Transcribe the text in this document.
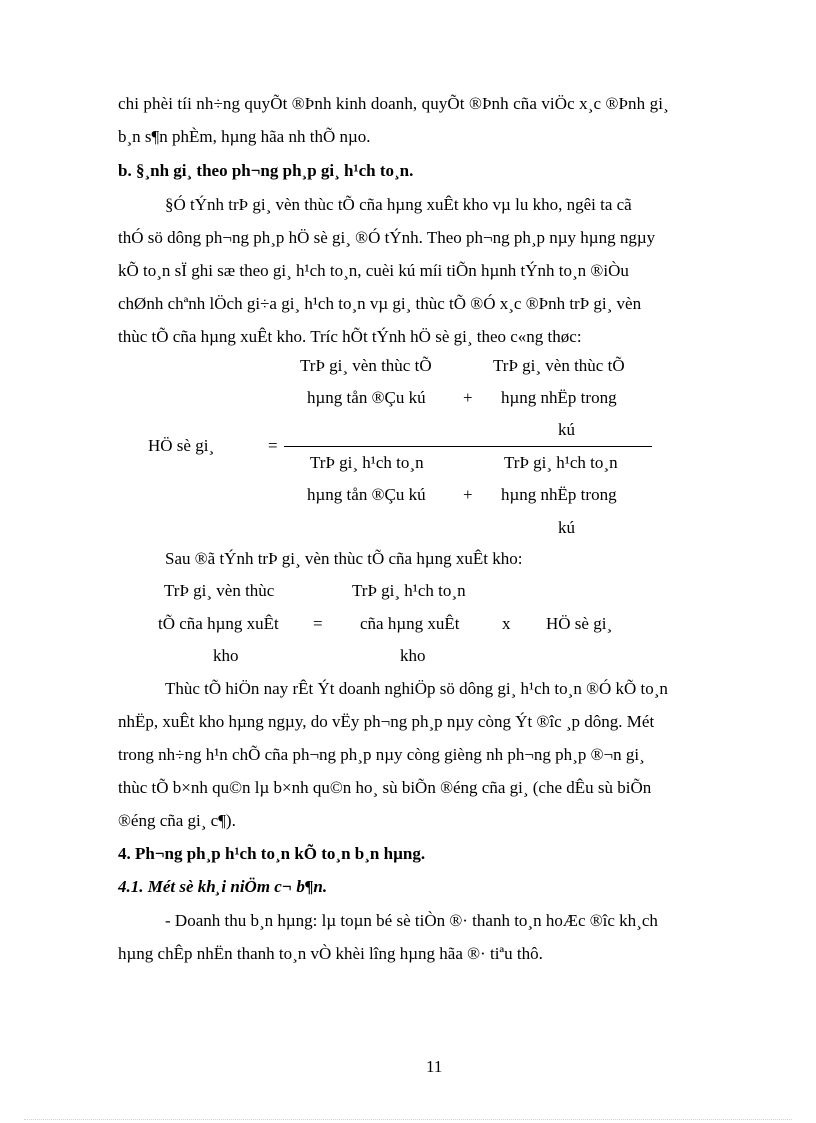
chi phèi tíi nh÷ng quyÕt ®Þnh kinh doanh, quyÕt ®Þnh cña viÖc x¸c ®Þnh gi¸
b¸n s¶n phÈm, hµng hãa nh thÕ nµo.
b. §¸nh gi¸ theo ph¬ng ph¸p gi¸ h¹ch to¸n.
§Ó tÝnh trÞ gi¸ vèn thùc tÕ cña hµng xuÊt kho vµ lu kho, ngêi ta cã
thÓ sö dông ph¬ng ph¸p hÖ sè gi¸ ®Ó tÝnh. Theo ph¬ng ph¸p nµy hµng ngµy
kÕ to¸n sÏ ghi sæ theo gi¸ h¹ch to¸n, cuèi kú míi tiÕn hµnh tÝnh to¸n ®iÒu
chØnh chªnh lÖch gi÷a gi¸ h¹ch to¸n vµ gi¸ thùc tÕ ®Ó x¸c ®Þnh trÞ gi¸ vèn
thùc tÕ cña hµng xuÊt kho. Tríc hÕt tÝnh hÖ sè gi¸ theo c«ng thøc:
TrÞ gi¸ vèn thùc tÕ
hµng tån ®Çu kú +
TrÞ gi¸ vèn thùc tÕ
hµng nhËp trong
kú
HÖ sè gi¸	=
TrÞ gi¸ h¹ch to¸n
hµng tån ®Çu kú +
TrÞ gi¸ h¹ch to¸n
hµng nhËp trong
kú
Sau ®ã tÝnh trÞ gi¸ vèn thùc tÕ cña hµng xuÊt kho:
TrÞ gi¸ vèn thùc
tÕ cña hµng xuÊt
kho
=
TrÞ gi¸ h¹ch to¸n
cña hµng xuÊt
kho
x HÖ sè gi¸
Thùc tÕ hiÖn nay rÊt Ýt doanh nghiÖp sö dông gi¸ h¹ch to¸n ®Ó kÕ to¸n
nhËp, xuÊt kho hµng ngµy, do vËy ph¬ng ph¸p nµy còng Ýt ®îc ¸p dông. Mét
trong nh÷ng h¹n chÕ cña ph¬ng ph¸p nµy còng gièng nh ph¬ng ph¸p ®¬n gi¸
thùc tÕ b×nh qu©n lµ b×nh qu©n ho¸ sù biÕn ®éng cña gi¸ (che dÊu sù biÕn
®éng cña gi¸ c¶).
4. Ph¬ng ph¸p h¹ch to¸n kÕ to¸n b¸n hµng.
4.1. Mét sè kh¸i niÖm c¬ b¶n.
- Doanh thu b¸n hµng: lµ toµn bé sè tiÒn ®· thanh to¸n hoÆc ®îc kh¸ch
hµng chÊp nhËn thanh to¸n vÒ khèi lîng hµng hãa ®· tiªu thô.
11
